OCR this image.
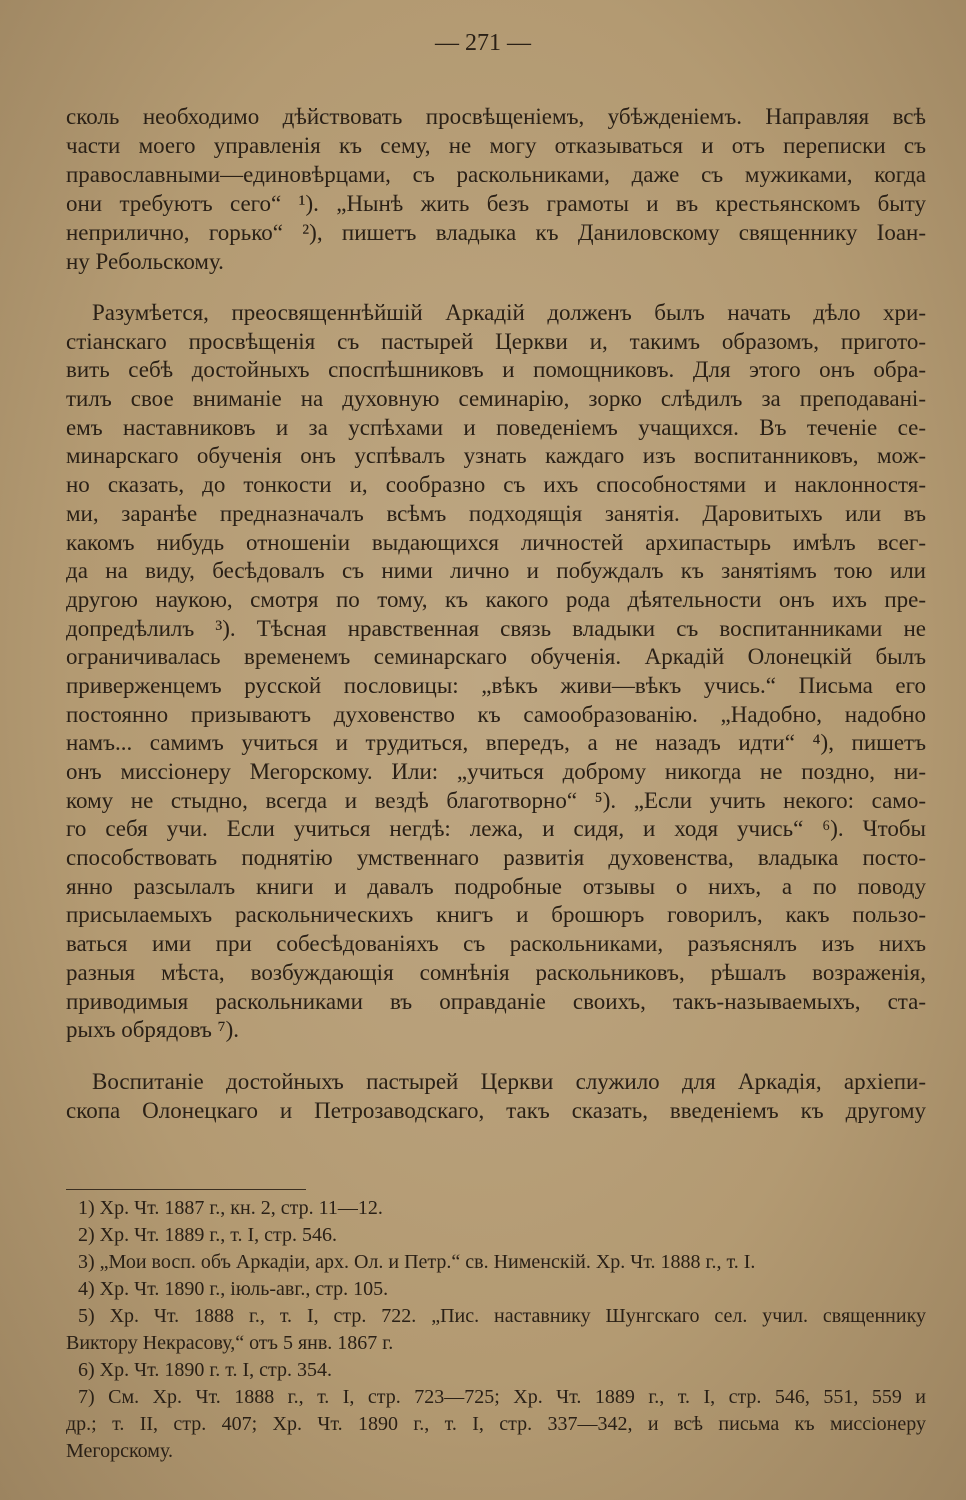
— 271 —
сколь необходимо дѣйствовать просвѣщеніемъ, убѣжденіемъ. Направляя всѣ
части моего управленія къ сему, не могу отказываться и отъ переписки съ
православными—единовѣрцами, съ раскольниками, даже съ мужиками, когда
они требуютъ сего“ ¹). „Нынѣ жить безъ грамоты и въ крестьянскомъ быту
неприлично, горько“ ²), пишетъ владыка къ Даниловскому священнику Іоан-
ну Ребольскому.
Разумѣется, преосвященнѣйшій Аркадій долженъ былъ начать дѣло хри-
стіанскаго просвѣщенія съ пастырей Церкви и, такимъ образомъ, пригото-
вить себѣ достойныхъ споспѣшниковъ и помощниковъ. Для этого онъ обра-
тилъ свое вниманіе на духовную семинарію, зорко слѣдилъ за преподавані-
емъ наставниковъ и за успѣхами и поведеніемъ учащихся. Въ теченіе се-
минарскаго обученія онъ успѣвалъ узнать каждаго изъ воспитанниковъ, мож-
но сказать, до тонкости и, сообразно съ ихъ способностями и наклонностя-
ми, заранѣе предназначалъ всѣмъ подходящія занятія. Даровитыхъ или въ
какомъ нибудь отношеніи выдающихся личностей архипастырь имѣлъ всег-
да на виду, бесѣдовалъ съ ними лично и побуждалъ къ занятіямъ тою или
другою наукою, смотря по тому, къ какого рода дѣятельности онъ ихъ пре-
допредѣлилъ ³). Тѣсная нравственная связь владыки съ воспитанниками не
ограничивалась временемъ семинарскаго обученія. Аркадій Олонецкій былъ
приверженцемъ русской пословицы: „вѣкъ живи—вѣкъ учись.“ Письма его
постоянно призываютъ духовенство къ самообразованію. „Надобно, надобно
намъ... самимъ учиться и трудиться, впередъ, а не назадъ идти“ ⁴), пишетъ
онъ миссіонеру Мегорскому. Или: „учиться доброму никогда не поздно, ни-
кому не стыдно, всегда и вездѣ благотворно“ ⁵). „Если учить некого: само-
го себя учи. Если учиться негдѣ: лежа, и сидя, и ходя учись“ ⁶). Чтобы
способствовать поднятію умственнаго развитія духовенства, владыка посто-
янно разсылалъ книги и давалъ подробные отзывы о нихъ, а по поводу
присылаемыхъ раскольническихъ книгъ и брошюръ говорилъ, какъ пользо-
ваться ими при собесѣдованіяхъ съ раскольниками, разъяснялъ изъ нихъ
разныя мѣста, возбуждающія сомнѣнія раскольниковъ, рѣшалъ возраженія,
приводимыя раскольниками въ оправданіе своихъ, такъ-называемыхъ, ста-
рыхъ обрядовъ ⁷).
Воспитаніе достойныхъ пастырей Церкви служило для Аркадія, архіепи-
скопа Олонецкаго и Петрозаводскаго, такъ сказать, введеніемъ къ другому
1) Хр. Чт. 1887 г., кн. 2, стр. 11—12.
2) Хр. Чт. 1889 г., т. I, стр. 546.
3) „Мои восп. объ Аркадіи, арх. Ол. и Петр.“ св. Нименскій. Хр. Чт. 1888 г., т. I.
4) Хр. Чт. 1890 г., іюль-авг., стр. 105.
5) Хр. Чт. 1888 г., т. I, стр. 722. „Пис. наставнику Шунгскаго сел. учил. священнику
Виктору Некрасову,“ отъ 5 янв. 1867 г.
6) Хр. Чт. 1890 г. т. I, стр. 354.
7) См. Хр. Чт. 1888 г., т. I, стр. 723—725; Хр. Чт. 1889 г., т. I, стр. 546, 551, 559 и
др.; т. II, стр. 407; Хр. Чт. 1890 г., т. I, стр. 337—342, и всѣ письма къ миссіонеру
Мегорскому.
